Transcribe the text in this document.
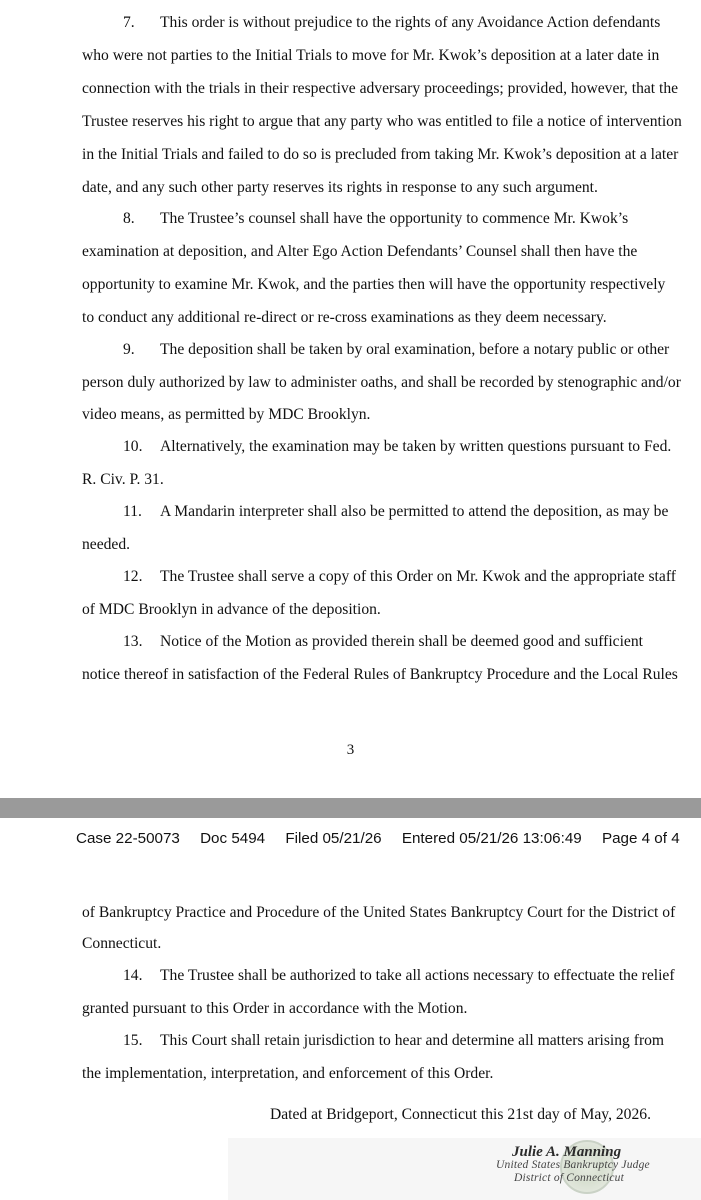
7. This order is without prejudice to the rights of any Avoidance Action defendants
who were not parties to the Initial Trials to move for Mr. Kwok’s deposition at a later date in
connection with the trials in their respective adversary proceedings; provided, however, that the
Trustee reserves his right to argue that any party who was entitled to file a notice of intervention
in the Initial Trials and failed to do so is precluded from taking Mr. Kwok’s deposition at a later
date, and any such other party reserves its rights in response to any such argument.
8. The Trustee’s counsel shall have the opportunity to commence Mr. Kwok’s
examination at deposition, and Alter Ego Action Defendants’ Counsel shall then have the
opportunity to examine Mr. Kwok, and the parties then will have the opportunity respectively
to conduct any additional re-direct or re-cross examinations as they deem necessary.
9. The deposition shall be taken by oral examination, before a notary public or other
person duly authorized by law to administer oaths, and shall be recorded by stenographic and/or
video means, as permitted by MDC Brooklyn.
10. Alternatively, the examination may be taken by written questions pursuant to Fed.
R. Civ. P. 31.
11. A Mandarin interpreter shall also be permitted to attend the deposition, as may be
needed.
12. The Trustee shall serve a copy of this Order on Mr. Kwok and the appropriate staff
of MDC Brooklyn in advance of the deposition.
13. Notice of the Motion as provided therein shall be deemed good and sufficient
notice thereof in satisfaction of the Federal Rules of Bankruptcy Procedure and the Local Rules
3
Case 22-50073 Doc 5494 Filed 05/21/26 Entered 05/21/26 13:06:49 Page 4 of 4
of Bankruptcy Practice and Procedure of the United States Bankruptcy Court for the District of
Connecticut.
14. The Trustee shall be authorized to take all actions necessary to effectuate the relief
granted pursuant to this Order in accordance with the Motion.
15. This Court shall retain jurisdiction to hear and determine all matters arising from
the implementation, interpretation, and enforcement of this Order.
Dated at Bridgeport, Connecticut this 21st day of May, 2026.
Julie A. Manning
United States Bankruptcy Judge
District of Connecticut
